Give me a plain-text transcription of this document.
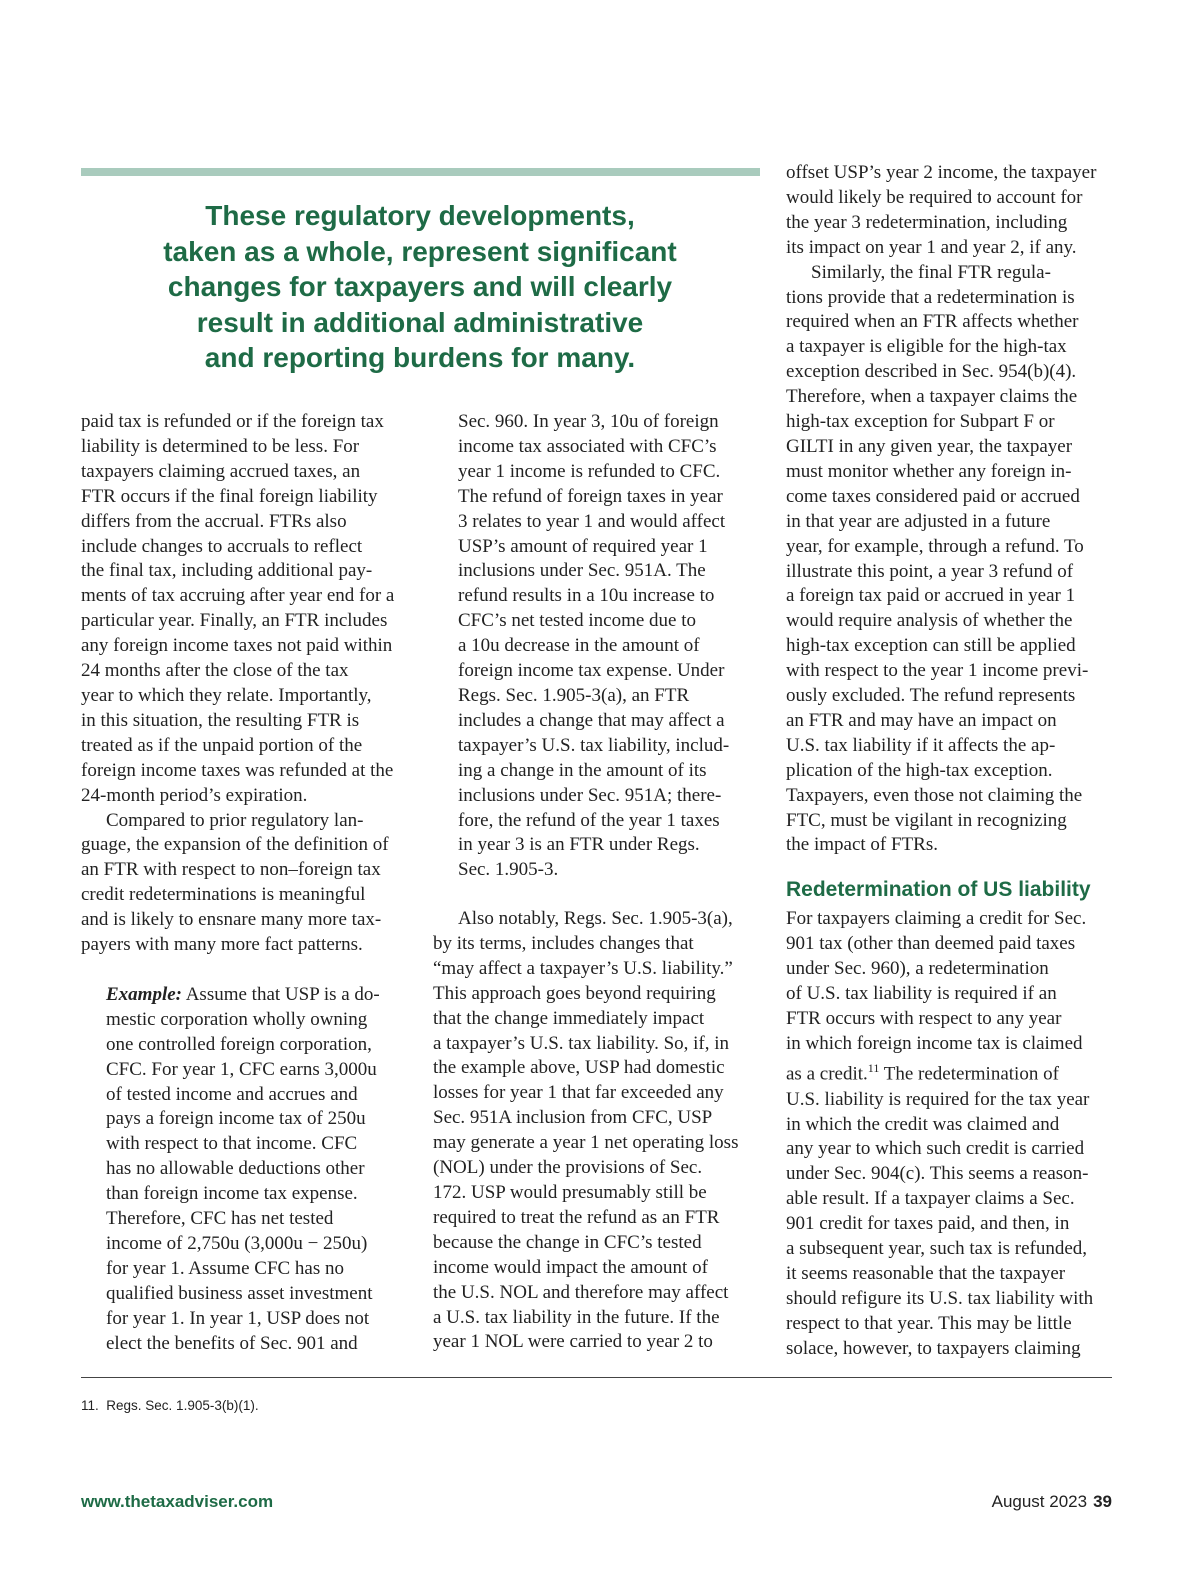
These regulatory developments,
taken as a whole, represent significant
changes for taxpayers and will clearly
result in additional administrative
and reporting burdens for many.
paid tax is refunded or if the foreign tax
liability is determined to be less. For
taxpayers claiming accrued taxes, an
FTR occurs if the final foreign liability
differs from the accrual. FTRs also
include changes to accruals to reflect
the final tax, including additional pay-
ments of tax accruing after year end for a
particular year. Finally, an FTR includes
any foreign income taxes not paid within
24 months after the close of the tax
year to which they relate. Importantly,
in this situation, the resulting FTR is
treated as if the unpaid portion of the
foreign income taxes was refunded at the
24-month period’s expiration.
Compared to prior regulatory lan-
guage, the expansion of the definition of
an FTR with respect to non–foreign tax
credit redeterminations is meaningful
and is likely to ensnare many more tax-
payers with many more fact patterns.
Example: Assume that USP is a do-
mestic corporation wholly owning
one controlled foreign corporation,
CFC. For year 1, CFC earns 3,000u
of tested income and accrues and
pays a foreign income tax of 250u
with respect to that income. CFC
has no allowable deductions other
than foreign income tax expense.
Therefore, CFC has net tested
income of 2,750u (3,000u − 250u)
for year 1. Assume CFC has no
qualified business asset investment
for year 1. In year 1, USP does not
elect the benefits of Sec. 901 and
Sec. 960. In year 3, 10u of foreign
income tax associated with CFC’s
year 1 income is refunded to CFC.
The refund of foreign taxes in year
3 relates to year 1 and would affect
USP’s amount of required year 1
inclusions under Sec. 951A. The
refund results in a 10u increase to
CFC’s net tested income due to
a 10u decrease in the amount of
foreign income tax expense. Under
Regs. Sec. 1.905-3(a), an FTR
includes a change that may affect a
taxpayer’s U.S. tax liability, includ-
ing a change in the amount of its
inclusions under Sec. 951A; there-
fore, the refund of the year 1 taxes
in year 3 is an FTR under Regs.
Sec. 1.905-3.
Also notably, Regs. Sec. 1.905-3(a),
by its terms, includes changes that
“may affect a taxpayer’s U.S. liability.”
This approach goes beyond requiring
that the change immediately impact
a taxpayer’s U.S. tax liability. So, if, in
the example above, USP had domestic
losses for year 1 that far exceeded any
Sec. 951A inclusion from CFC, USP
may generate a year 1 net operating loss
(NOL) under the provisions of Sec.
172. USP would presumably still be
required to treat the refund as an FTR
because the change in CFC’s tested
income would impact the amount of
the U.S. NOL and therefore may affect
a U.S. tax liability in the future. If the
year 1 NOL were carried to year 2 to
offset USP’s year 2 income, the taxpayer
would likely be required to account for
the year 3 redetermination, including
its impact on year 1 and year 2, if any.
Similarly, the final FTR regula-
tions provide that a redetermination is
required when an FTR affects whether
a taxpayer is eligible for the high-tax
exception described in Sec. 954(b)(4).
Therefore, when a taxpayer claims the
high-tax exception for Subpart F or
GILTI in any given year, the taxpayer
must monitor whether any foreign in-
come taxes considered paid or accrued
in that year are adjusted in a future
year, for example, through a refund. To
illustrate this point, a year 3 refund of
a foreign tax paid or accrued in year 1
would require analysis of whether the
high-tax exception can still be applied
with respect to the year 1 income previ-
ously excluded. The refund represents
an FTR and may have an impact on
U.S. tax liability if it affects the ap-
plication of the high-tax exception.
Taxpayers, even those not claiming the
FTC, must be vigilant in recognizing
the impact of FTRs.
Redetermination of US liability
For taxpayers claiming a credit for Sec.
901 tax (other than deemed paid taxes
under Sec. 960), a redetermination
of U.S. tax liability is required if an
FTR occurs with respect to any year
in which foreign income tax is claimed
as a credit.$^{11}$ The redetermination of
U.S. liability is required for the tax year
in which the credit was claimed and
any year to which such credit is carried
under Sec. 904(c). This seems a reason-
able result. If a taxpayer claims a Sec.
901 credit for taxes paid, and then, in
a subsequent year, such tax is refunded,
it seems reasonable that the taxpayer
should refigure its U.S. tax liability with
respect to that year. This may be little
solace, however, to taxpayers claiming
11. Regs. Sec. 1.905-3(b)(1).
www.thetaxadviser.com	August 2023 39
